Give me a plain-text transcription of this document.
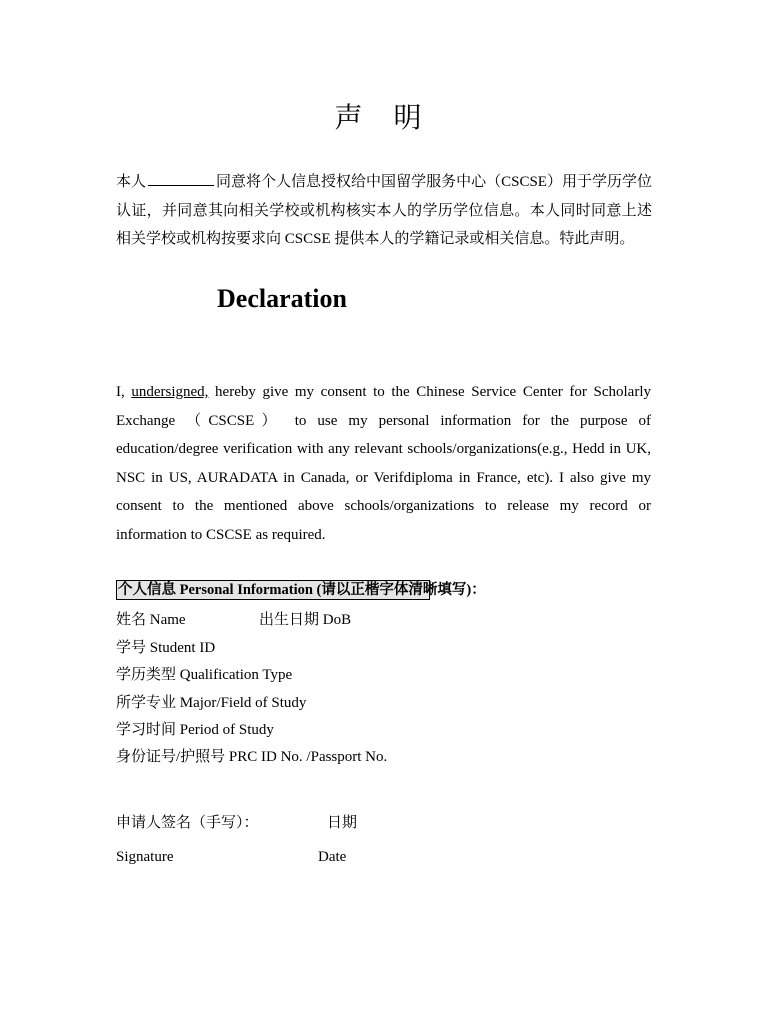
声 明
本人	同意将个人信息授权给中国留学服务中心（CSCSE）用于学历学位认证，并同意其向相关学校或机构核实本人的学历学位信息。本人同时同意上述相关学校或机构按要求向 CSCSE 提供本人的学籍记录或相关信息。特此声明。
Declaration
I, undersigned, hereby give my consent to the Chinese Service Center for Scholarly Exchange （CSCSE） to use my personal information for the purpose of education/degree verification with any relevant schools/organizations(e.g., Hedd in UK, NSC in US, AURADATA in Canada, or Verifdiploma in France, etc). I also give my consent to the mentioned above schools/organizations to release my record or information to CSCSE as required.
个人信息 Personal Information (请以正楷字体清晰填写)：
姓名 Name	出生日期 DoB
学号 Student ID
学历类型 Qualification Type
所学专业 Major/Field of Study
学习时间 Period of Study
身份证号/护照号 PRC ID No. /Passport No.
申请人签名（手写）：	日期
Signature	Date
